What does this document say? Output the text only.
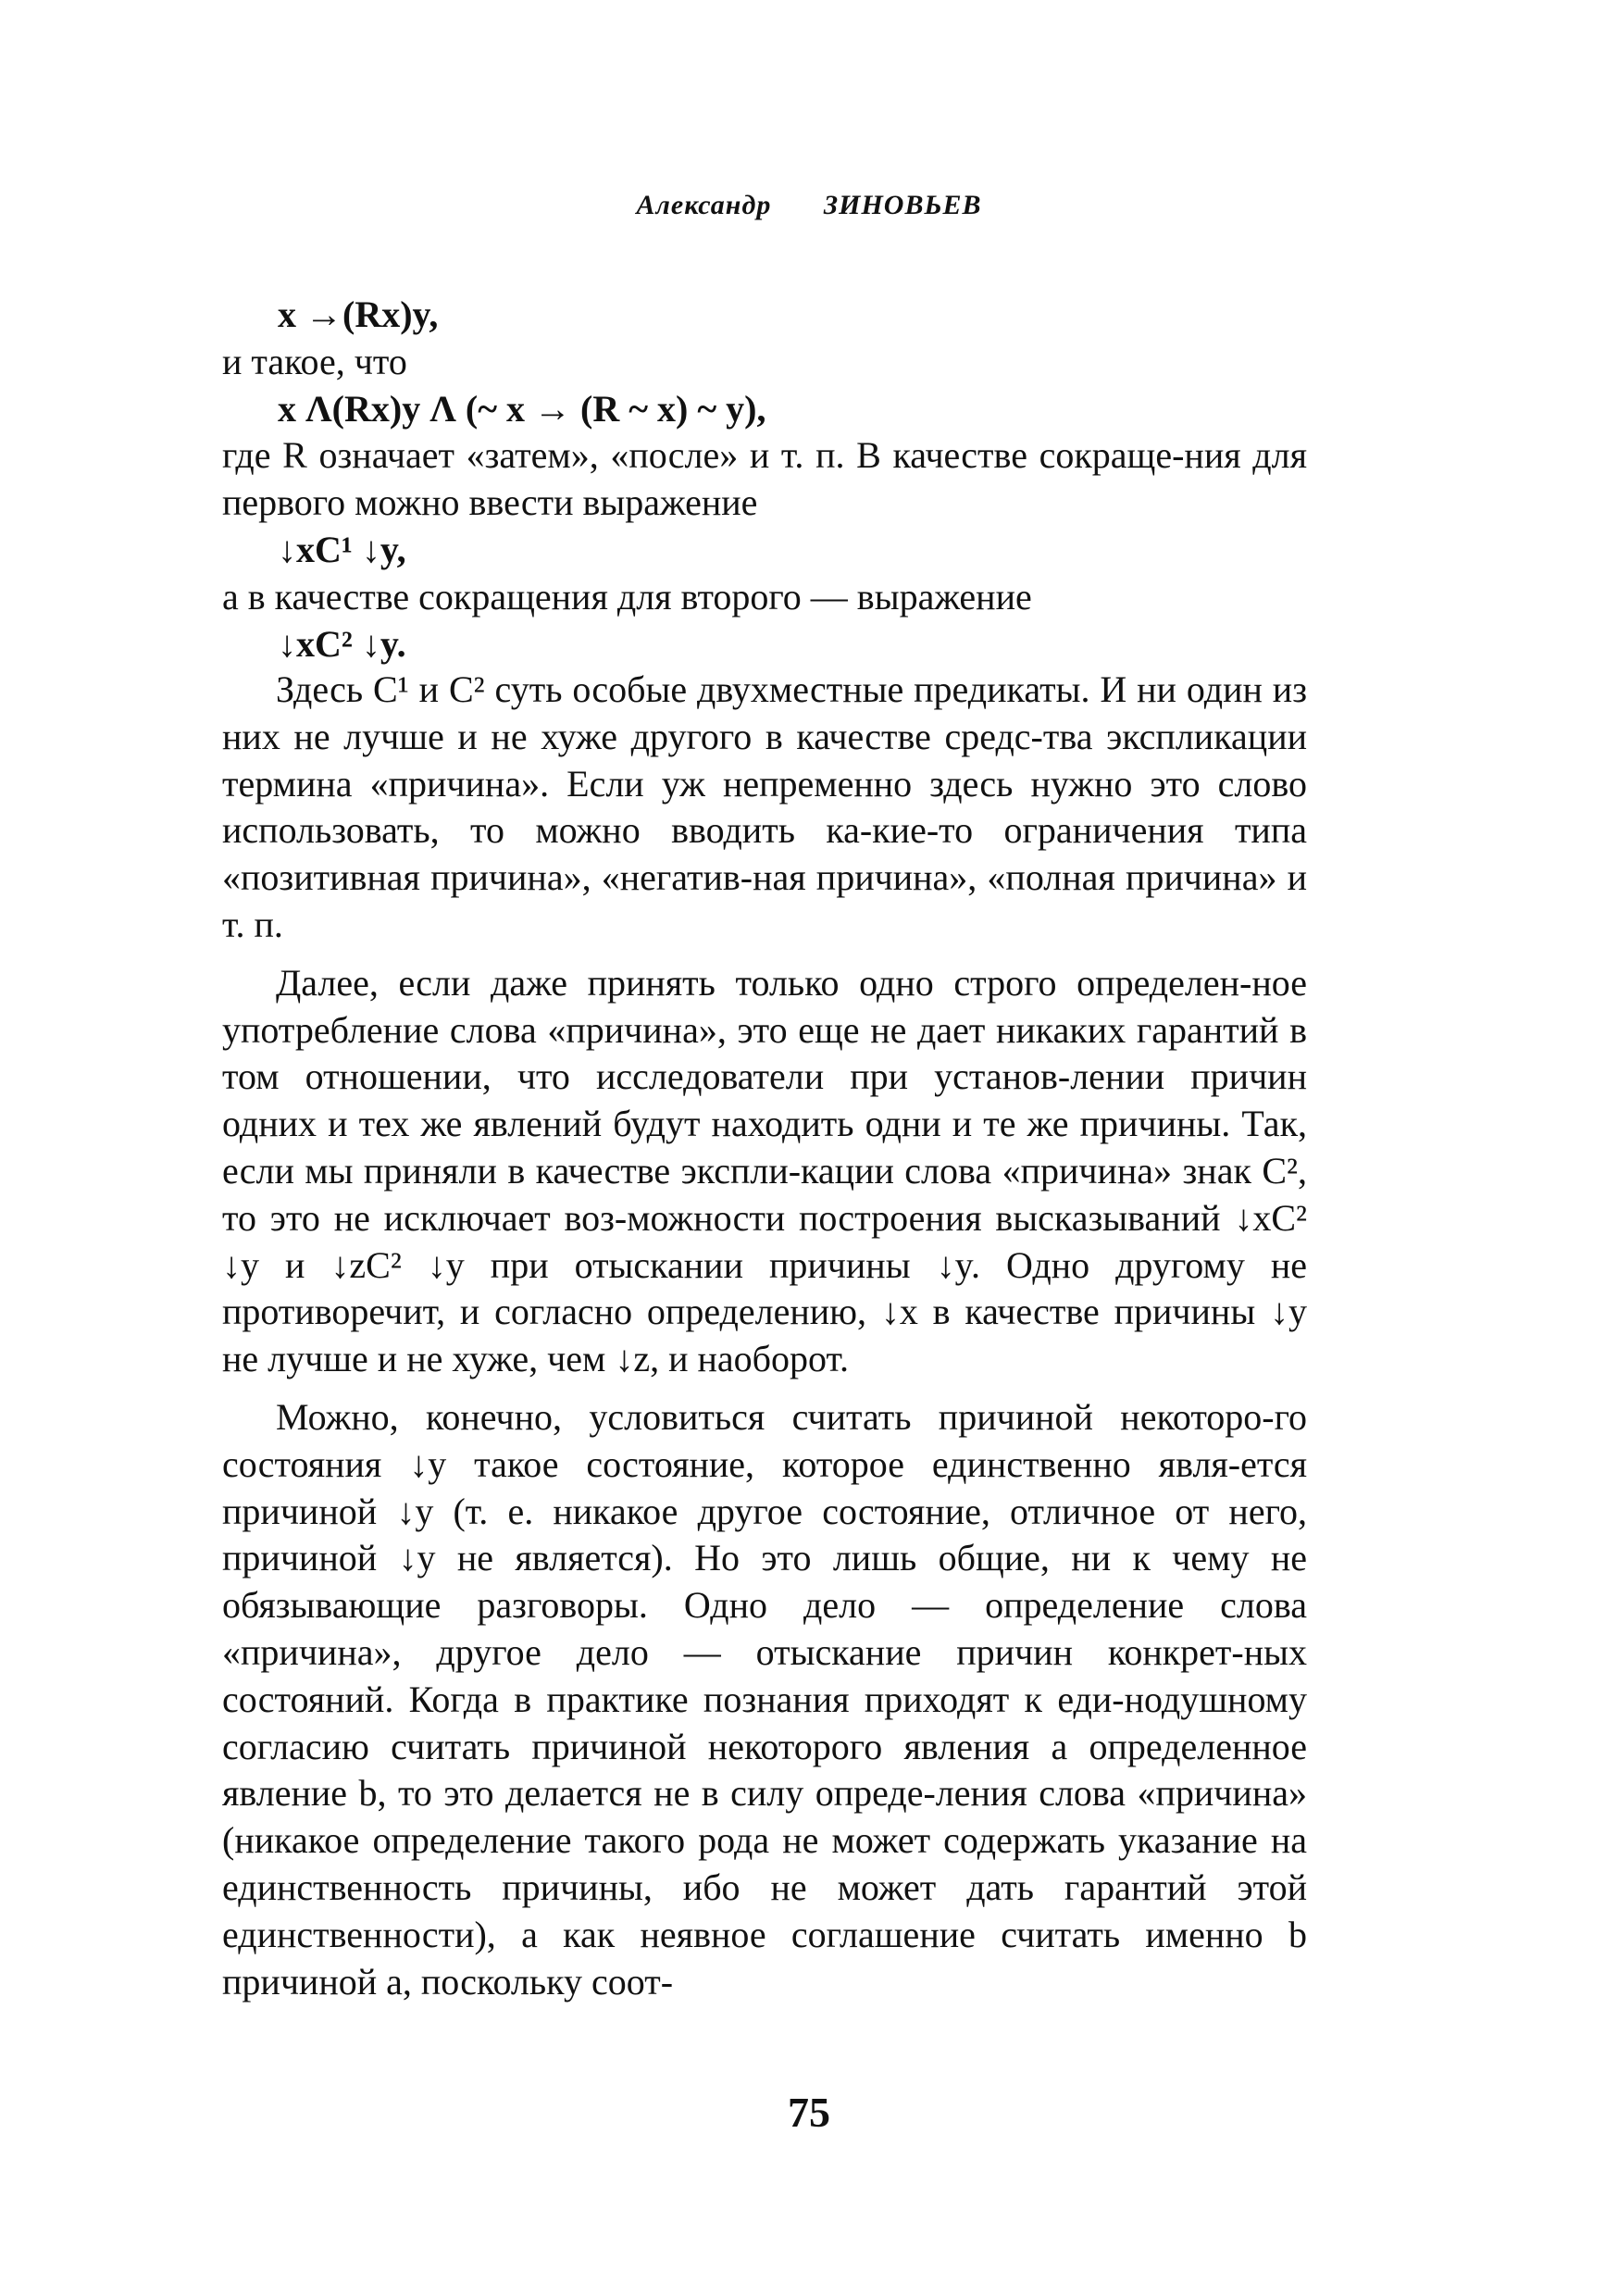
Александр ЗИНОВЬЕВ
x →(Rx)y,
и такое, что
x Λ(Rx)y Λ (~ x → (R ~ x) ~ y),

где R означает «затем», «после» и т. п. В качестве сокраще-ния для первого можно ввести выражение

↓xC¹ ↓y,
а в качестве сокращения для второго — выражение
↓xC² ↓y.

Здесь C¹ и C² суть особые двухместные предикаты. И ни один из них не лучше и не хуже другого в качестве средс-тва экспликации термина «причина». Если уж непременно здесь нужно это слово использовать, то можно вводить ка-кие-то ограничения типа «позитивная причина», «негатив-ная причина», «полная причина» и т. п.

Далее, если даже принять только одно строго определен-ное употребление слова «причина», это еще не дает никаких гарантий в том отношении, что исследователи при установ-лении причин одних и тех же явлений будут находить одни и те же причины. Так, если мы приняли в качестве экспли-кации слова «причина» знак C², то это не исключает воз-можности построения высказываний ↓xC² ↓y и ↓zC² ↓y при отыскании причины ↓y. Одно другому не противоречит, и согласно определению, ↓x в качестве причины ↓y не лучше и не хуже, чем ↓z, и наоборот.

Можно, конечно, условиться считать причиной некоторо-го состояния ↓y такое состояние, которое единственно явля-ется причиной ↓y (т. е. никакое другое состояние, отличное от него, причиной ↓y не является). Но это лишь общие, ни к чему не обязывающие разговоры. Одно дело — определение слова «причина», другое дело — отыскание причин конкрет-ных состояний. Когда в практике познания приходят к еди-нодушному согласию считать причиной некоторого явления a определенное явление b, то это делается не в силу опреде-ления слова «причина» (никакое определение такого рода не может содержать указание на единственность причины, ибо не может дать гарантий этой единственности), а как неявное соглашение считать именно b причиной a, поскольку соот-

75
